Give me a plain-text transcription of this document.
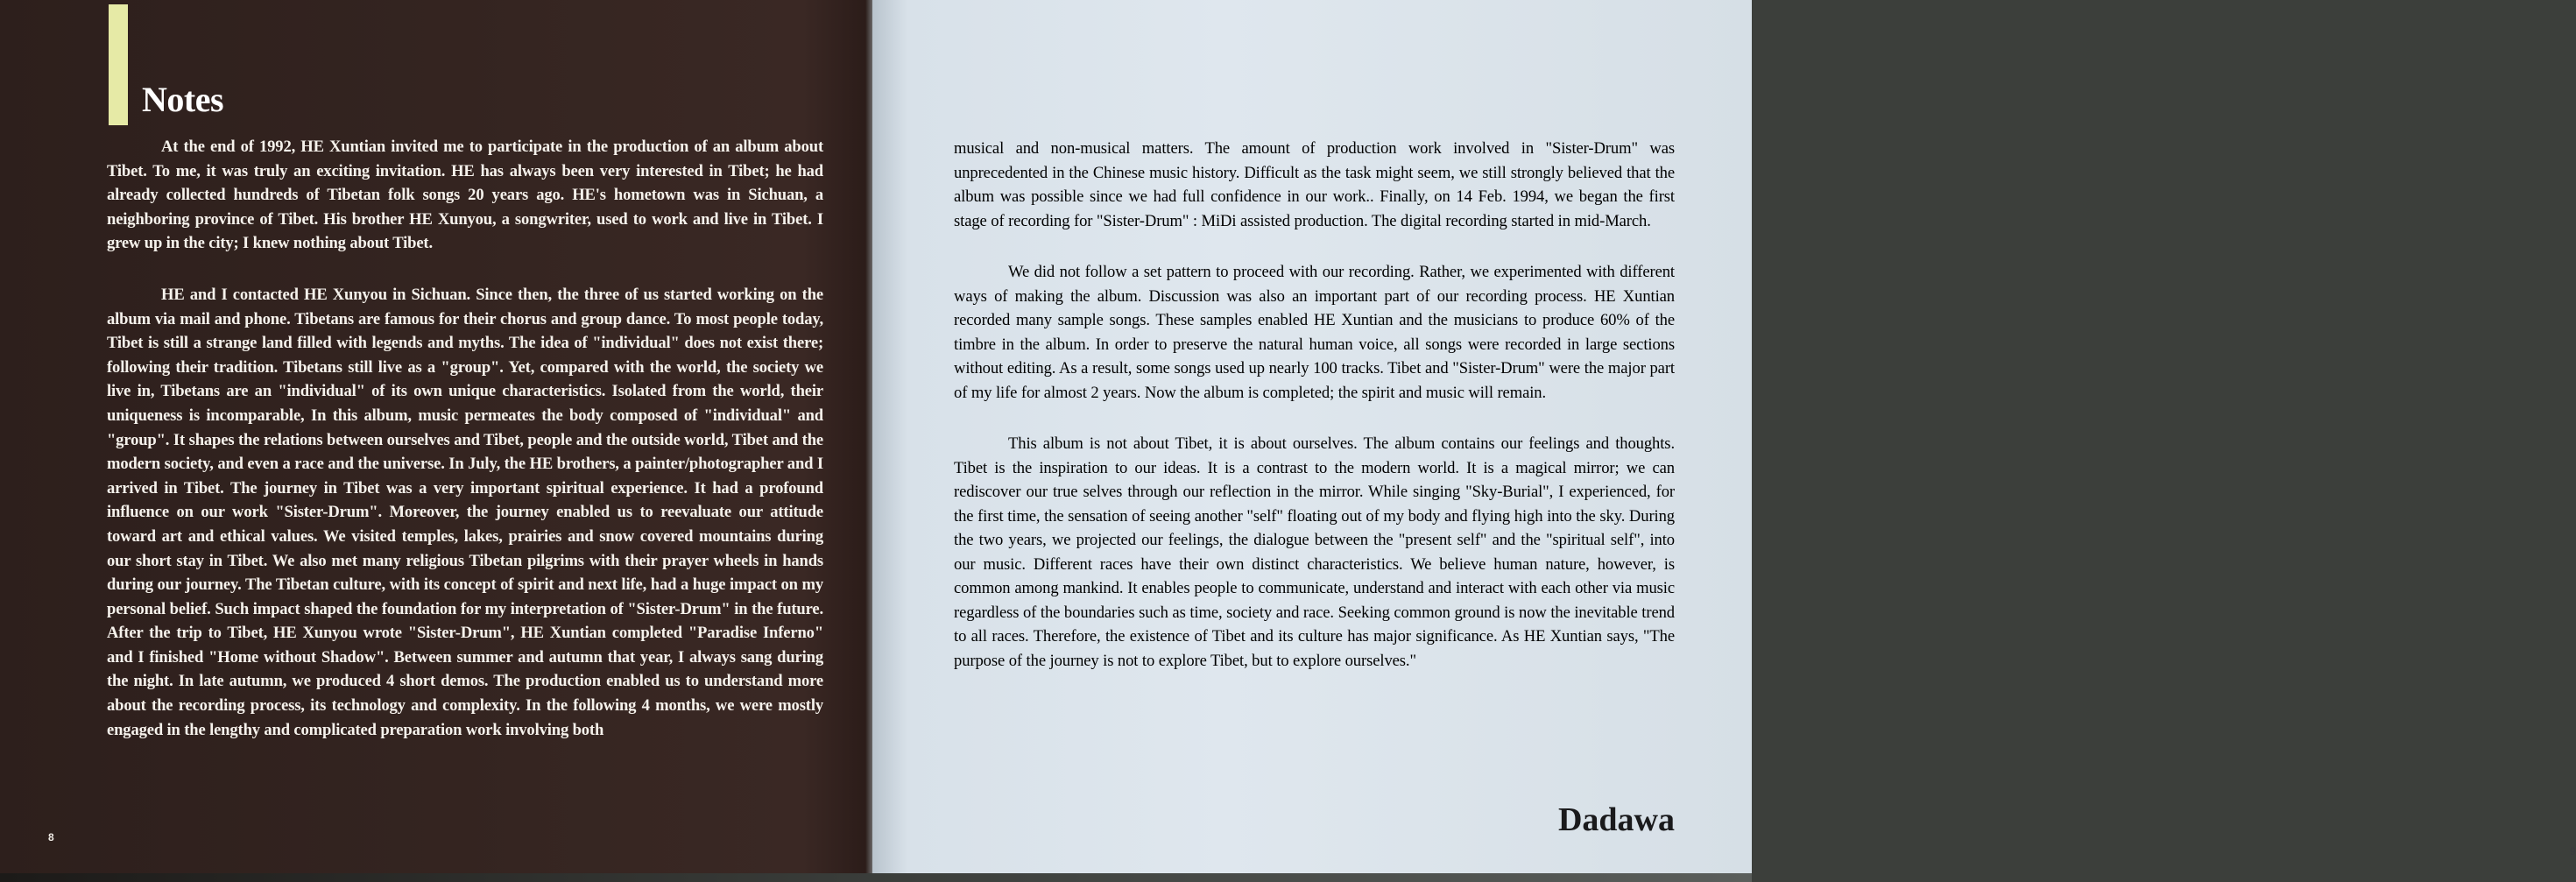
Notes

At the end of 1992, HE Xuntian invited me to participate in the production of an album about Tibet. To me, it was truly an exciting invitation. HE has always been very interested in Tibet; he had already collected hundreds of Tibetan folk songs 20 years ago. HE's hometown was in Sichuan, a neighboring province of Tibet. His brother HE Xunyou, a songwriter, used to work and live in Tibet. I grew up in the city; I knew nothing about Tibet.

HE and I contacted HE Xunyou in Sichuan. Since then, the three of us started working on the album via mail and phone. Tibetans are famous for their chorus and group dance. To most people today, Tibet is still a strange land filled with legends and myths. The idea of "individual" does not exist there; following their tradition. Tibetans still live as a "group". Yet, compared with the world, the society we live in, Tibetans are an "individual" of its own unique characteristics. Isolated from the world, their uniqueness is incomparable, In this album, music permeates the body composed of "individual" and "group". It shapes the relations between ourselves and Tibet, people and the outside world, Tibet and the modern society, and even a race and the universe. In July, the HE brothers, a painter/photographer and I arrived in Tibet. The journey in Tibet was a very important spiritual experience. It had a profound influence on our work "Sister-Drum". Moreover, the journey enabled us to reevaluate our attitude toward art and ethical values. We visited temples, lakes, prairies and snow covered mountains during our short stay in Tibet. We also met many religious Tibetan pilgrims with their prayer wheels in hands during our journey. The Tibetan culture, with its concept of spirit and next life, had a huge impact on my personal belief. Such impact shaped the foundation for my interpretation of "Sister-Drum" in the future. After the trip to Tibet, HE Xunyou wrote "Sister-Drum", HE Xuntian completed "Paradise Inferno" and I finished "Home without Shadow". Between summer and autumn that year, I always sang during the night. In late autumn, we produced 4 short demos. The production enabled us to understand more about the recording process, its technology and complexity. In the following 4 months, we were mostly engaged in the lengthy and complicated preparation work involving both

8	Dadawa

9

musical and non-musical matters. The amount of production work involved in "Sister-Drum" was unprecedented in the Chinese music history. Difficult as the task might seem, we still strongly believed that the album was possible since we had full confidence in our work.. Finally, on 14 Feb. 1994, we began the first stage of recording for "Sister-Drum" : MiDi assisted production. The digital recording started in mid-March.

We did not follow a set pattern to proceed with our recording. Rather, we experimented with different ways of making the album. Discussion was also an important part of our recording process. HE Xuntian recorded many sample songs. These samples enabled HE Xuntian and the musicians to produce 60% of the timbre in the album. In order to preserve the natural human voice, all songs were recorded in large sections without editing. As a result, some songs used up nearly 100 tracks. Tibet and "Sister-Drum" were the major part of my life for almost 2 years. Now the album is completed; the spirit and music will remain.

This album is not about Tibet, it is about ourselves. The album contains our feelings and thoughts. Tibet is the inspiration to our ideas. It is a contrast to the modern world. It is a magical mirror; we can rediscover our true selves through our reflection in the mirror. While singing "Sky-Burial", I experienced, for the first time, the sensation of seeing another "self" floating out of my body and flying high into the sky. During the two years, we projected our feelings, the dialogue between the "present self" and the "spiritual self", into our music. Different races have their own distinct characteristics. We believe human nature, however, is common among mankind. It enables people to communicate, understand and interact with each other via music regardless of the boundaries such as time, society and race. Seeking common ground is now the inevitable trend to all races. Therefore, the existence of Tibet and its culture has major significance. As HE Xuntian says, "The purpose of the journey is not to explore Tibet, but to explore ourselves."
